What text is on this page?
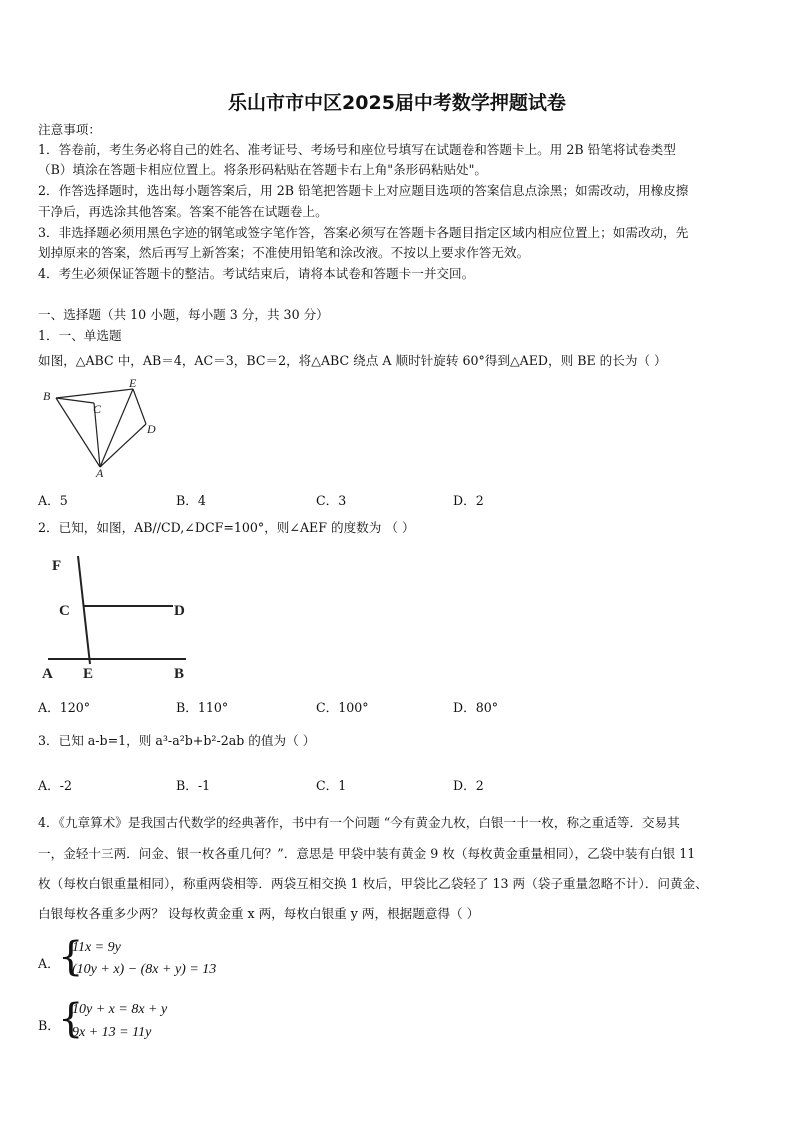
乐山市市中区2025届中考数学押题试卷
注意事项：
1．答卷前，考生务必将自己的姓名、准考证号、考场号和座位号填写在试题卷和答题卡上。用 2B 铅笔将试卷类型
（B）填涂在答题卡相应位置上。将条形码粘贴在答题卡右上角"条形码粘贴处"。
2．作答选择题时，选出每小题答案后，用 2B 铅笔把答题卡上对应题目选项的答案信息点涂黑；如需改动，用橡皮擦
干净后，再选涂其他答案。答案不能答在试题卷上。
3．非选择题必须用黑色字迹的钢笔或签字笔作答，答案必须写在答题卡各题目指定区域内相应位置上；如需改动，先
划掉原来的答案，然后再写上新答案；不准使用铅笔和涂改液。不按以上要求作答无效。
4．考生必须保证答题卡的整洁。考试结束后，请将本试卷和答题卡一并交回。
一、选择题（共 10 小题，每小题 3 分，共 30 分）
1．一、单选题
如图，△ABC 中，AB＝4，AC＝3，BC＝2，将△ABC 绕点 A 顺时针旋转 60°得到△AED，则 BE 的长为（ ）
B
C
E
D
A
A．5	B．4	C．3	D．2
2．已知，如图，AB//CD,∠DCF=100°，则∠AEF 的度数为 （ ）
F
C	D
A E	B
A．120°	B．110°	C．100°	D．80°
3．已知 a-b=1，则 a³-a²b+b²-2ab 的值为（ ）
A．-2	B．-1	C．1	D．2
4．《九章算术》是我国古代数学的经典著作，书中有一个问题 “今有黄金九枚，白银一十一枚，称之重适等．交易其
一，金轻十三两．问金、银一枚各重几何？”．意思是 甲袋中装有黄金 9 枚（每枚黄金重量相同），乙袋中装有白银 11
枚（每枚白银重量相同），称重两袋相等．两袋互相交换 1 枚后，甲袋比乙袋轻了 13 两（袋子重量忽略不计）．问黄金、
白银每枚各重多少两？ 设每枚黄金重 x 两，每枚白银重 y 两，根据题意得（ ）
A．
{
11x = 9y
(10y + x) − (8x + y) = 13
B．
{
10y + x = 8x + y
9x + 13 = 11y
